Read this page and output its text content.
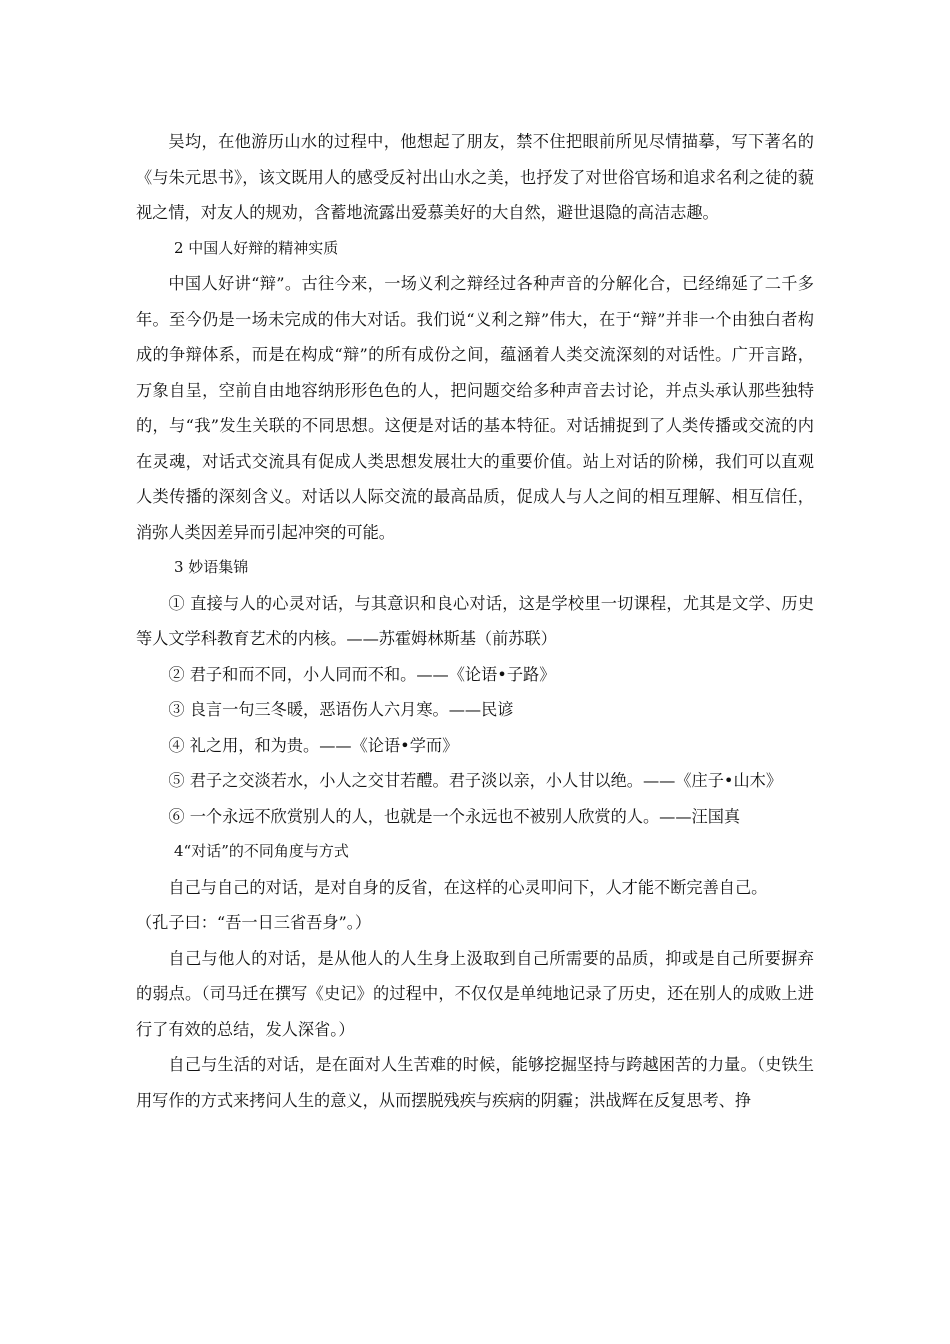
吴均，在他游历山水的过程中，他想起了朋友，禁不住把眼前所见尽情描摹，写下著名的《与朱元思书》，该文既用人的感受反衬出山水之美，也抒发了对世俗官场和追求名利之徒的藐视之情，对友人的规劝，含蓄地流露出爱慕美好的大自然，避世退隐的高洁志趣。

2 中国人好辩的精神实质

中国人好讲“辩”。古往今来，一场义利之辩经过各种声音的分解化合，已经绵延了二千多年。至今仍是一场未完成的伟大对话。我们说“义利之辩”伟大，在于“辩”并非一个由独白者构成的争辩体系，而是在构成“辩”的所有成份之间，蕴涵着人类交流深刻的对话性。广开言路，万象自呈，空前自由地容纳形形色色的人，把问题交给多种声音去讨论，并点头承认那些独特的，与“我”发生关联的不同思想。这便是对话的基本特征。对话捕捉到了人类传播或交流的内在灵魂，对话式交流具有促成人类思想发展壮大的重要价值。站上对话的阶梯，我们可以直观人类传播的深刻含义。对话以人际交流的最高品质，促成人与人之间的相互理解、相互信任，消弥人类因差异而引起冲突的可能。

3 妙语集锦

① 直接与人的心灵对话，与其意识和良心对话，这是学校里一切课程，尤其是文学、历史等人文学科教育艺术的内核。——苏霍姆林斯基（前苏联）

② 君子和而不同，小人同而不和。——《论语•子路》

③ 良言一句三冬暖，恶语伤人六月寒。——民谚

④ 礼之用，和为贵。——《论语•学而》

⑤ 君子之交淡若水，小人之交甘若醴。君子淡以亲，小人甘以绝。——《庄子•山木》

⑥ 一个永远不欣赏别人的人，也就是一个永远也不被别人欣赏的人。——汪国真

4“对话”的不同角度与方式

自己与自己的对话，是对自身的反省，在这样的心灵叩问下，人才能不断完善自己。

（孔子曰：“吾一日三省吾身”。）

自己与他人的对话，是从他人的人生身上汲取到自己所需要的品质，抑或是自己所要摒弃的弱点。（司马迁在撰写《史记》的过程中，不仅仅是单纯地记录了历史，还在别人的成败上进行了有效的总结，发人深省。）

自己与生活的对话，是在面对人生苦难的时候，能够挖掘坚持与跨越困苦的力量。（史铁生用写作的方式来拷问人生的意义，从而摆脱残疾与疾病的阴霾；洪战辉在反复思考、挣
